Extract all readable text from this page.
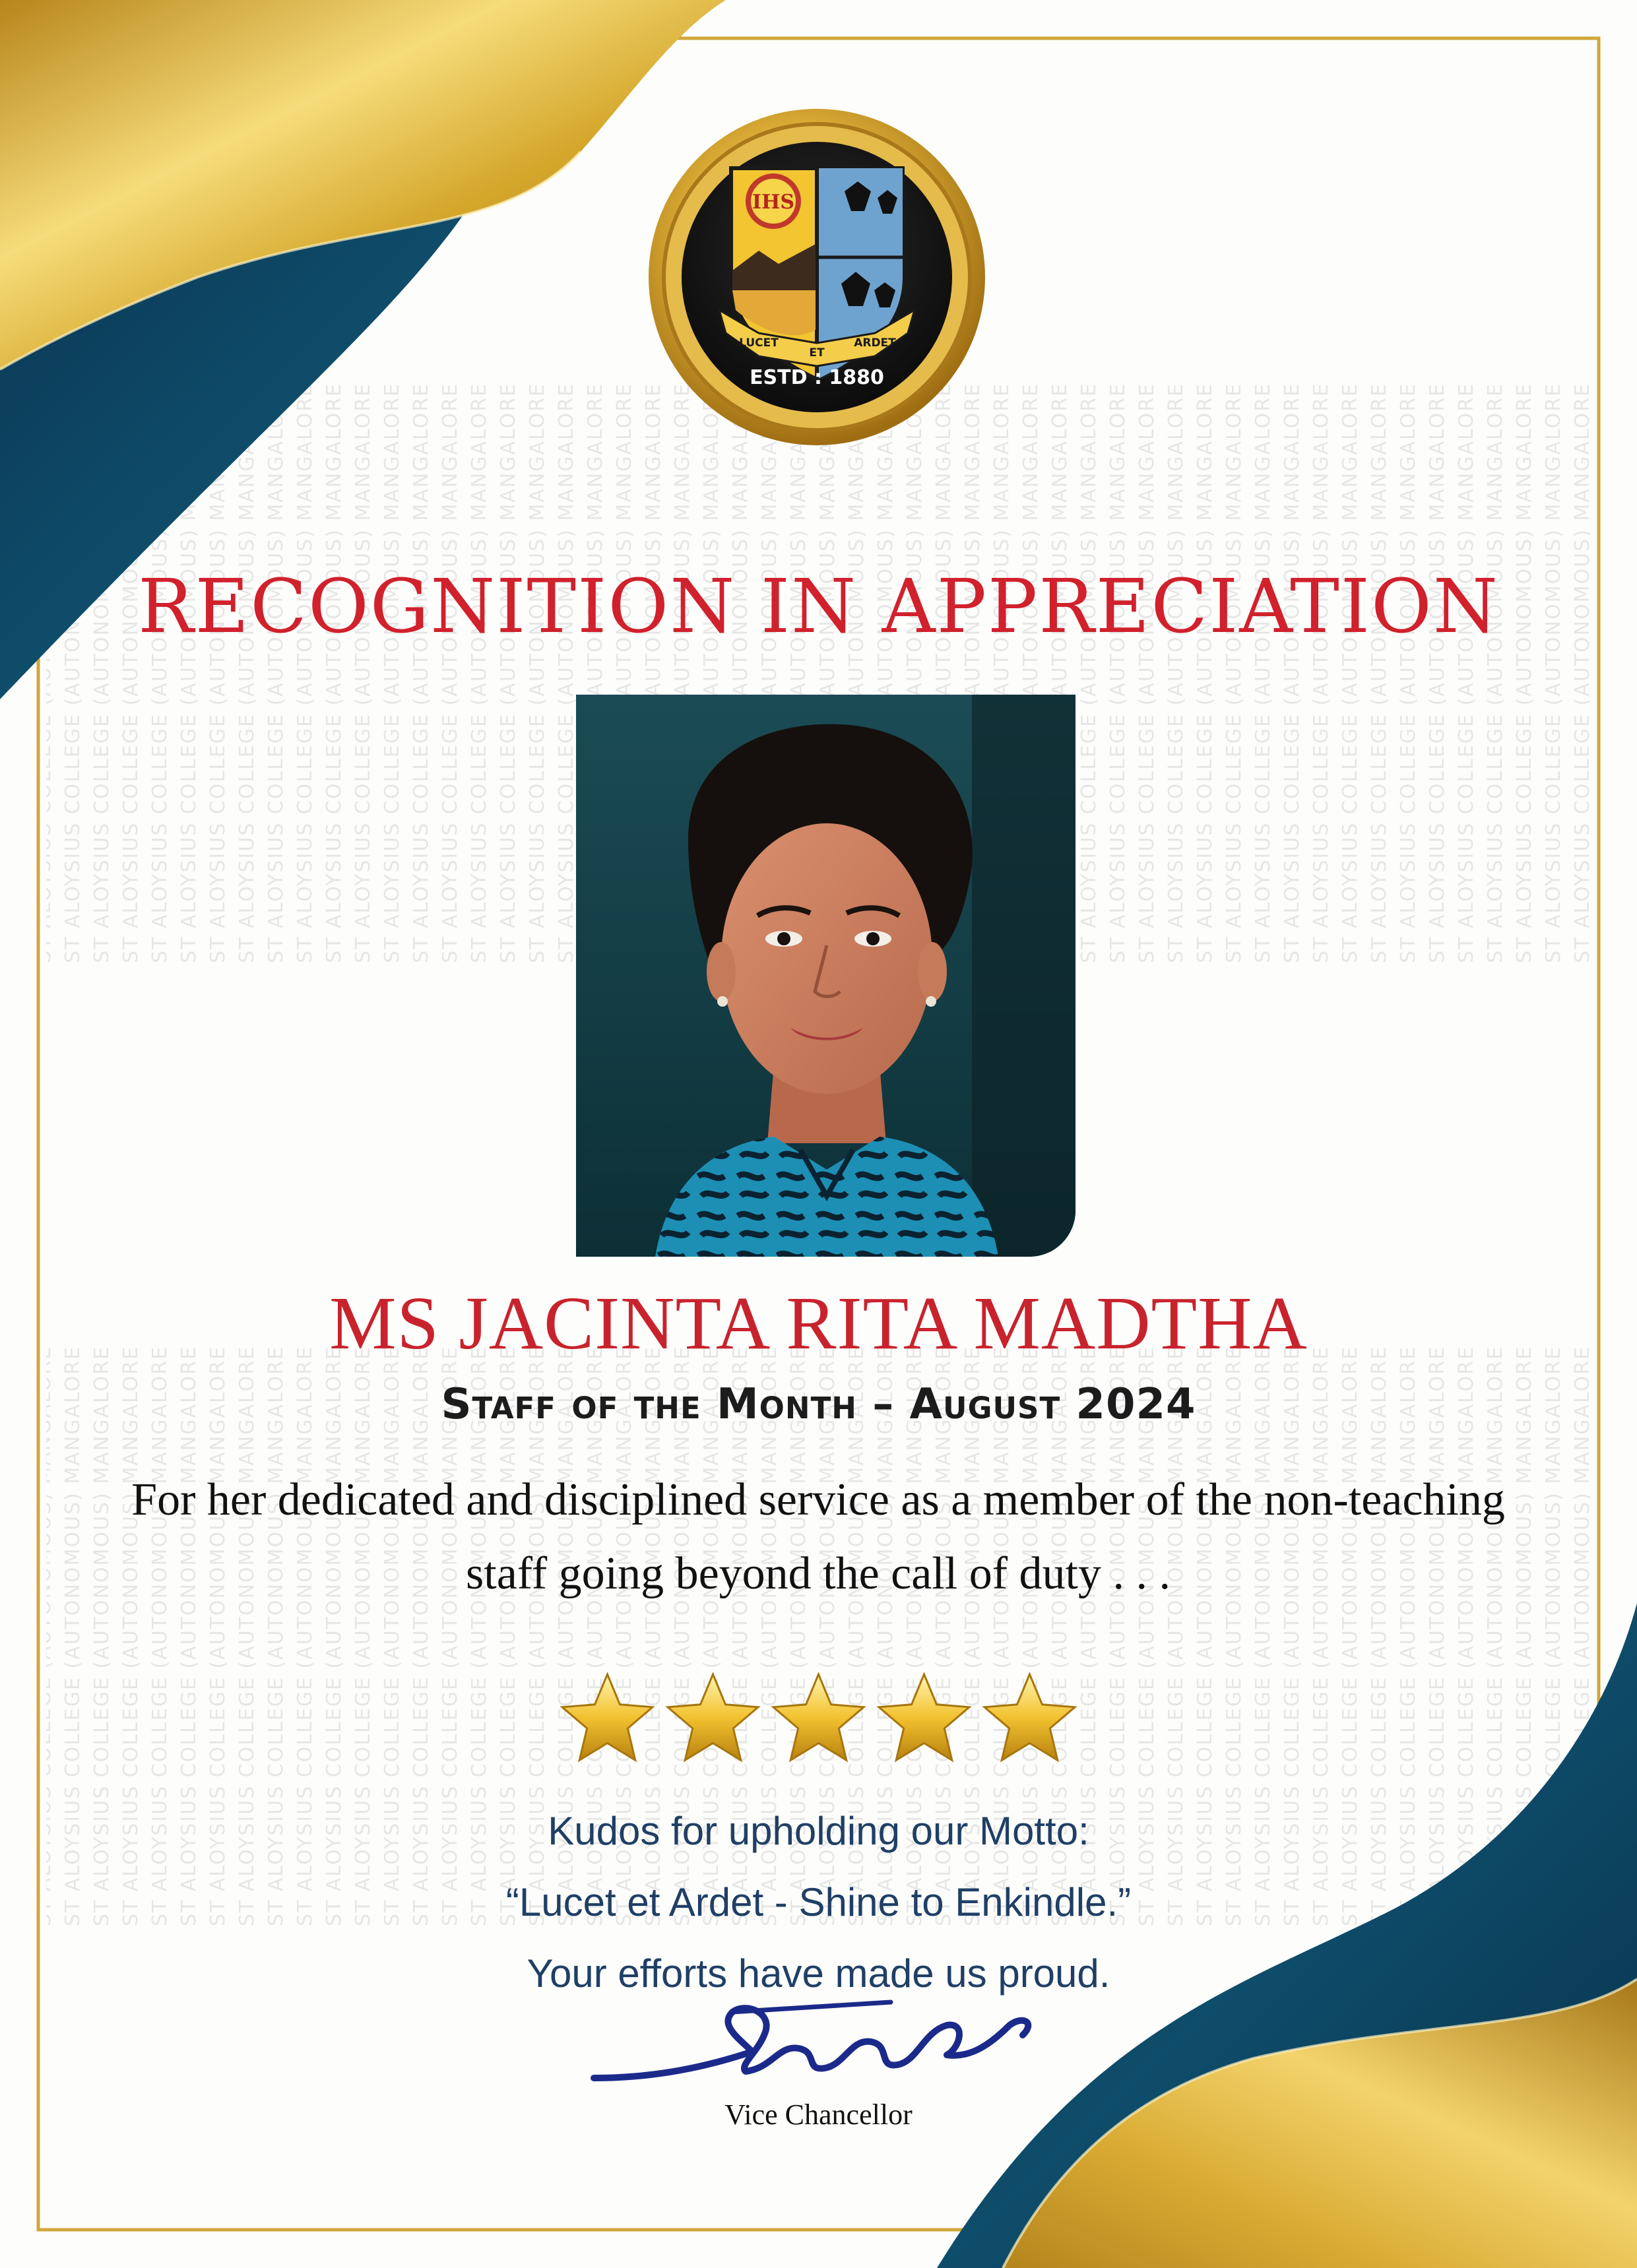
IHS
LUCET
ET
ARDET
ESTD : 1880
RECOGNITION IN APPRECIATION
MS JACINTA RITA MADTHA
Staff of the Month – August 2024
For her dedicated and disciplined service as a member of the non-teaching
staff going beyond the call of duty . . .
Kudos for upholding our Motto:
“Lucet et Ardet - Shine to Enkindle.”
Your efforts have made us proud.
Vice Chancellor
